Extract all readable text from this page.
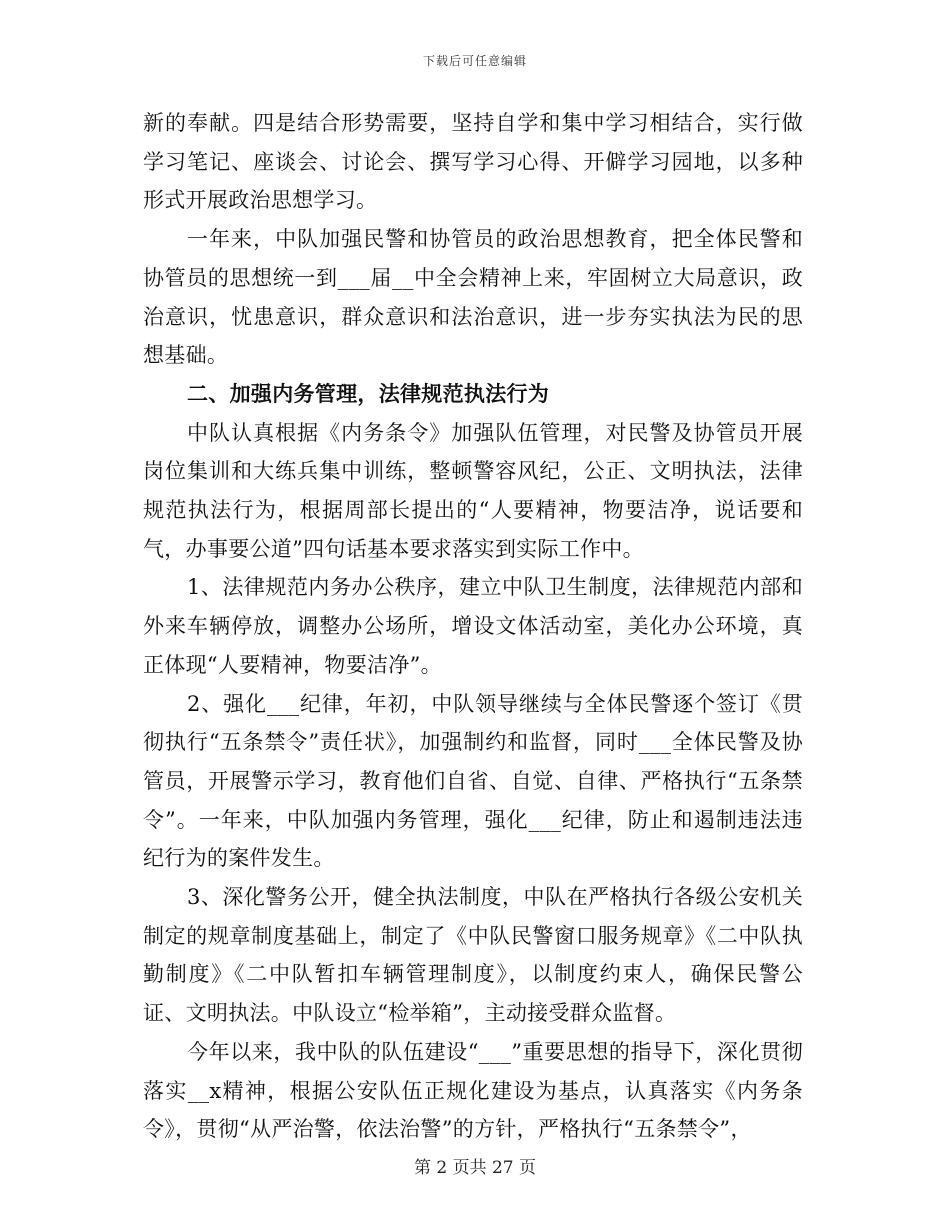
下载后可任意编辑

新的奉献。四是结合形势需要，坚持自学和集中学习相结合，实行做学习笔记、座谈会、讨论会、撰写学习心得、开僻学习园地，以多种形式开展政治思想学习。

一年来，中队加强民警和协管员的政治思想教育，把全体民警和协管员的思想统一到___届__中全会精神上来，牢固树立大局意识，政治意识，忧患意识，群众意识和法治意识，进一步夯实执法为民的思想基础。

二、加强内务管理，法律规范执法行为

中队认真根据《内务条令》加强队伍管理，对民警及协管员开展岗位集训和大练兵集中训练，整顿警容风纪，公正、文明执法，法律规范执法行为，根据周部长提出的“人要精神，物要洁净，说话要和气，办事要公道”四句话基本要求落实到实际工作中。

1、法律规范内务办公秩序，建立中队卫生制度，法律规范内部和外来车辆停放，调整办公场所，增设文体活动室，美化办公环境，真正体现“人要精神，物要洁净”。

2、强化___纪律，年初，中队领导继续与全体民警逐个签订《贯彻执行“五条禁令”责任状》，加强制约和监督，同时___全体民警及协管员，开展警示学习，教育他们自省、自觉、自律、严格执行“五条禁令”。一年来，中队加强内务管理，强化___纪律，防止和遏制违法违纪行为的案件发生。

3、深化警务公开，健全执法制度，中队在严格执行各级公安机关制定的规章制度基础上，制定了《中队民警窗口服务规章》《二中队执勤制度》《二中队暂扣车辆管理制度》，以制度约束人，确保民警公证、文明执法。中队设立“检举箱”，主动接受群众监督。

今年以来，我中队的队伍建设“___”重要思想的指导下，深化贯彻落实__x精神，根据公安队伍正规化建设为基点，认真落实《内务条令》，贯彻“从严治警，依法治警”的方针，严格执行“五条禁令”，

第 2 页共 27 页
